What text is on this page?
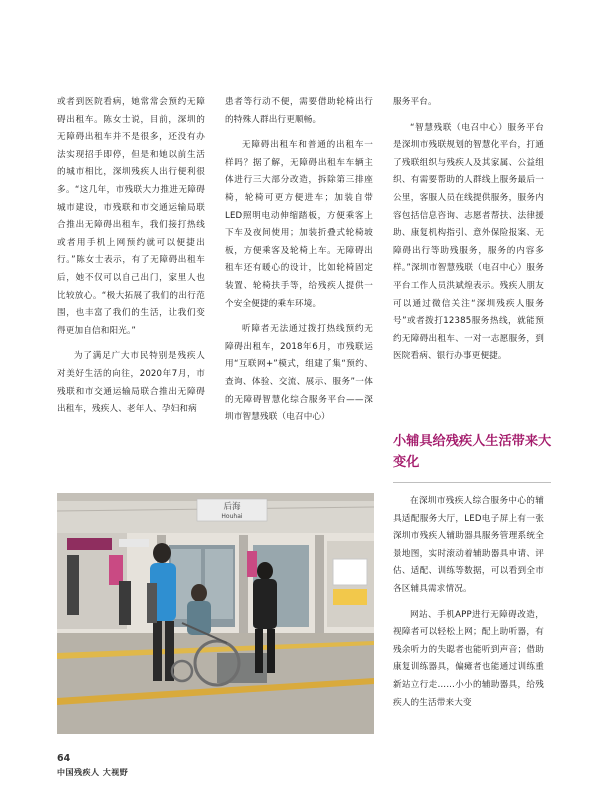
或者到医院看病，她常常会预约无障碍出租车。陈女士说，目前，深圳的无障碍出租车并不是很多，还没有办法实现招手即停，但是和她以前生活的城市相比，深圳残疾人出行便利很多。“这几年，市残联大力推进无障碍城市建设，市残联和市交通运输局联合推出无障碍出租车，我们接打热线或者用手机上网预约就可以便捷出行。”陈女士表示，有了无障碍出租车后，她不仅可以自己出门，家里人也比较放心。“极大拓展了我们的出行范围，也丰富了我们的生活，让我们变得更加自信和阳光。”

为了满足广大市民特别是残疾人对美好生活的向往，2020年7月，市残联和市交通运输局联合推出无障碍出租车，残疾人、老年人、孕妇和病

患者等行动不便，需要借助轮椅出行的特殊人群出行更顺畅。

无障碍出租车和普通的出租车一样吗？据了解，无障碍出租车车辆主体进行三大部分改造，拆除第三排座椅，轮椅可更方便进车；加装自带LED照明电动伸缩踏板，方便乘客上下车及夜间使用；加装折叠式轮椅坡板，方便乘客及轮椅上车。无障碍出租车还有暖心的设计，比如轮椅固定装置、轮椅扶手等，给残疾人提供一个安全便捷的乘车环境。

听障者无法通过拨打热线预约无障碍出租车，2018年6月，市残联运用“互联网+”模式，组建了集“预约、查询、体验、交流、展示、服务”一体的无障碍智慧化综合服务平台——深圳市智慧残联（电召中心）

服务平台。

“智慧残联（电召中心）服务平台是深圳市残联规划的智慧化平台，打通了残联组织与残疾人及其家属、公益组织、有需要帮助的人群线上服务最后一公里，客服人员在线提供服务，服务内容包括信息咨询、志愿者帮扶、法律援助、康复机构指引、意外保险报案、无障碍出行等助残服务，服务的内容多样。”深圳市智慧残联（电召中心）服务平台工作人员洪斌煌表示。残疾人朋友可以通过微信关注“深圳残疾人服务号”或者拨打12385服务热线，就能预约无障碍出租车、一对一志愿服务，到医院看病、银行办事更便捷。

小辅具给残疾人生活带来大变化

在深圳市残疾人综合服务中心的辅具适配服务大厅，LED电子屏上有一张深圳市残疾人辅助器具服务管理系统全景地图，实时滚动着辅助器具申请、评估、适配、训练等数据，可以看到全市各区辅具需求情况。

网站、手机APP进行无障碍改造，视障者可以轻松上网；配上助听器，有残余听力的失聪者也能听到声音；借助康复训练器具，偏瘫者也能通过训练重新站立行走……小小的辅助器具，给残疾人的生活带来大变

后海
Houhai
64
中国残疾人 大视野
